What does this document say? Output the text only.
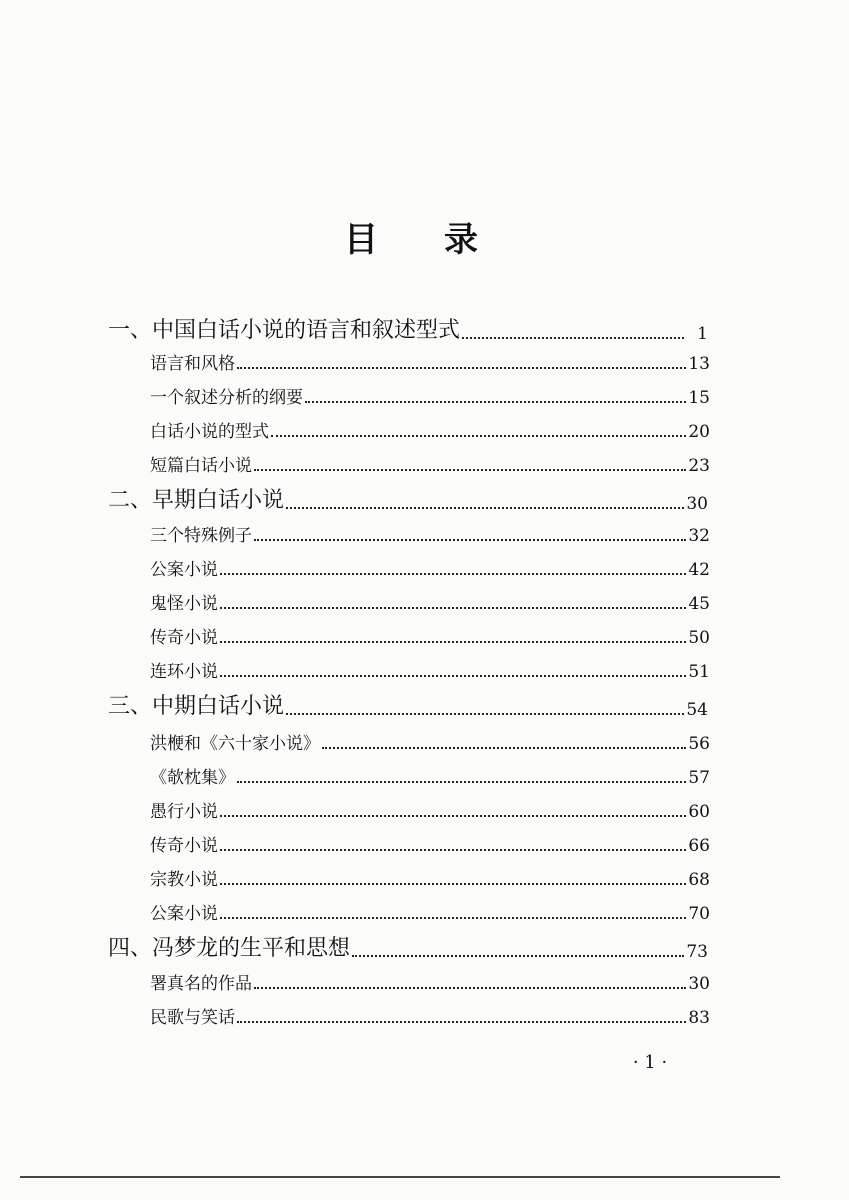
目 录
一、中国白话小说的语言和叙述型式	1
语言和风格	13
一个叙述分析的纲要	15
白话小说的型式	20
短篇白话小说	23
二、早期白话小说	30
三个特殊例子	32
公案小说	42
鬼怪小说	45
传奇小说	50
连环小说	51
三、中期白话小说	54
洪楩和《六十家小说》	56
《欹枕集》	57
愚行小说	60
传奇小说	66
宗教小说	68
公案小说	70
四、冯梦龙的生平和思想	73
署真名的作品	30
民歌与笑话	83
· 1 ·
